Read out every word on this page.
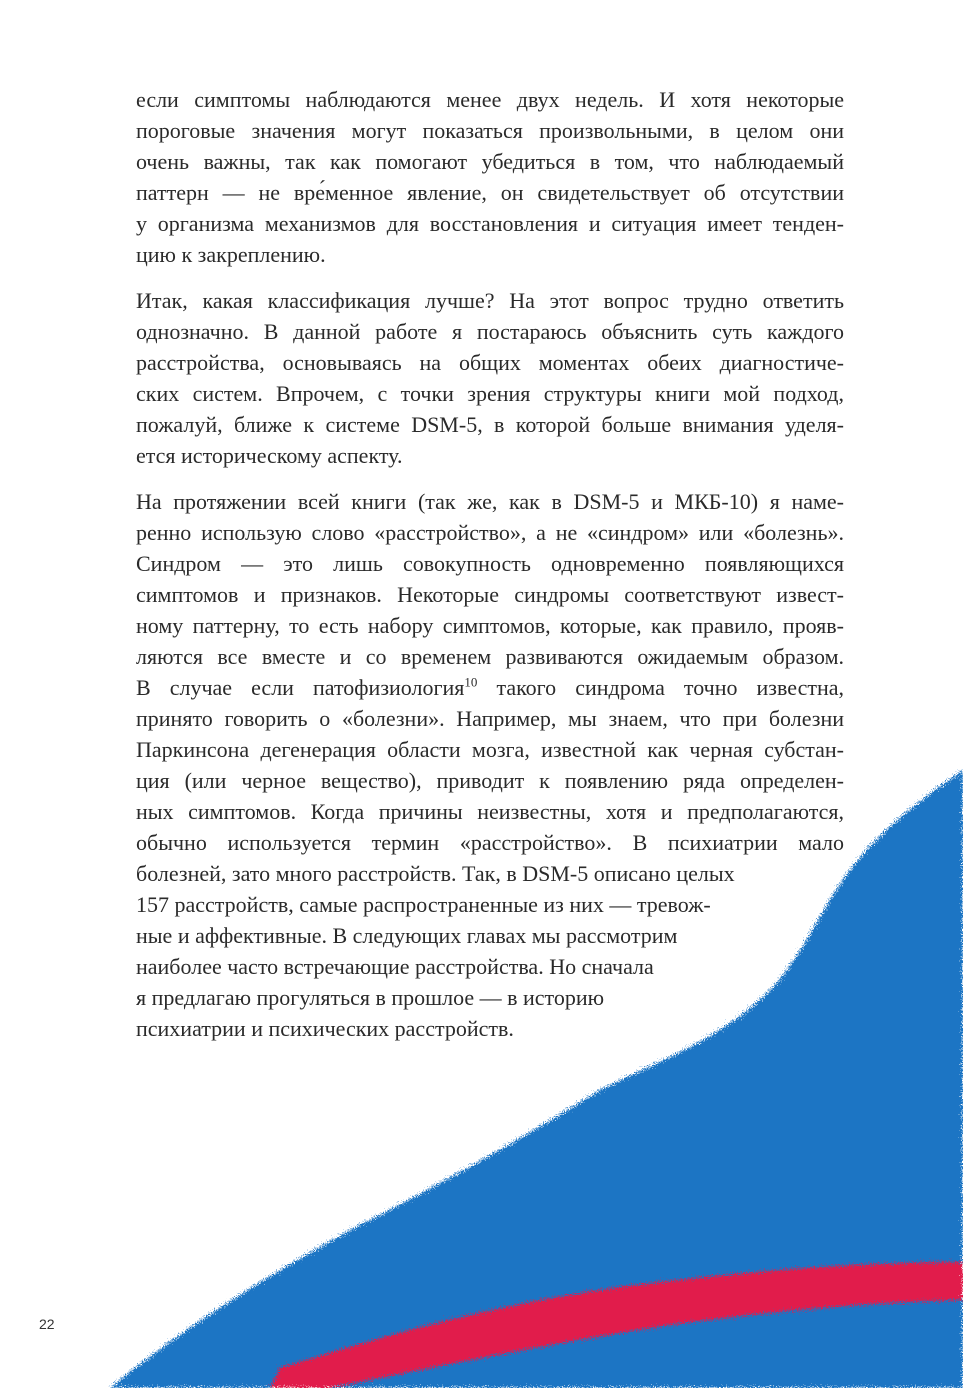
если симптомы наблюдаются менее двух недель. И хотя некоторые
пороговые значения могут показаться произвольными, в целом они
очень важны, так как помогают убедиться в том, что наблюдаемый
паттерн — не вре́менное явление, он свидетельствует об отсутствии
у организма механизмов для восстановления и ситуация имеет тенден-
цию к закреплению.

Итак, какая классификация лучше? На этот вопрос трудно ответить
однозначно. В данной работе я постараюсь объяснить суть каждого
расстройства, основываясь на общих моментах обеих диагностиче-
ских систем. Впрочем, с точки зрения структуры книги мой подход,
пожалуй, ближе к системе DSM-5, в которой больше внимания уделя-
ется историческому аспекту.

На протяжении всей книги (так же, как в DSM-5 и МКБ-10) я наме-
ренно использую слово «расстройство», а не «синдром» или «болезнь».
Синдром — это лишь совокупность одновременно появляющихся
симптомов и признаков. Некоторые синдромы соответствуют извест-
ному паттерну, то есть набору симптомов, которые, как правило, прояв-
ляются все вместе и со временем развиваются ожидаемым образом.
В случае если патофизиология$^{10}$ такого синдрома точно известна,
принято говорить о «болезни». Например, мы знаем, что при болезни
Паркинсона дегенерация области мозга, известной как черная субстан-
ция (или черное вещество), приводит к появлению ряда определен-
ных симптомов. Когда причины неизвестны, хотя и предполагаются,
обычно используется термин «расстройство». В психиатрии мало
болезней, зато много расстройств. Так, в DSM-5 описано целых
157 расстройств, самые распространенные из них — тревож-
ные и аффективные. В следующих главах мы рассмотрим
наиболее часто встречающие расстройства. Но сначала
я предлагаю прогуляться в прошлое — в историю
психиатрии и психических расстройств.

22
